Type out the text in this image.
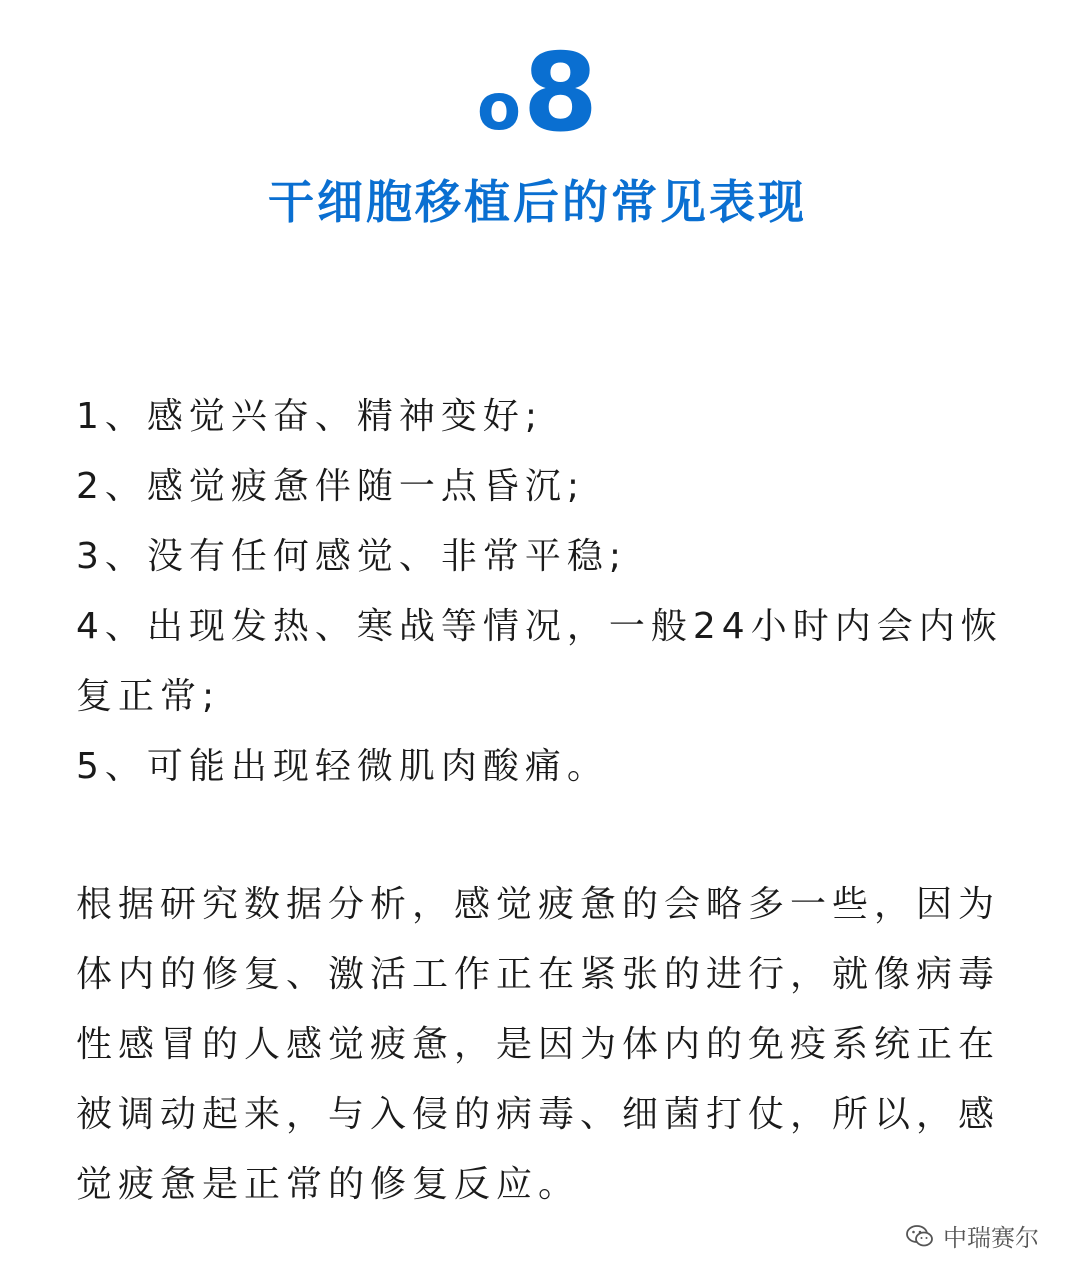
o 8
干细胞移植后的常见表现
1、感觉兴奋、精神变好;
2、感觉疲惫伴随一点昏沉;
3、没有任何感觉、非常平稳;
4、出现发热、寒战等情况，一般24小时内会内恢复正常;
5、可能出现轻微肌肉酸痛。

根据研究数据分析，感觉疲惫的会略多一些，因为体内的修复、激活工作正在紧张的进行，就像病毒性感冒的人感觉疲惫，是因为体内的免疫系统正在被调动起来，与入侵的病毒、细菌打仗，所以，感觉疲惫是正常的修复反应。

中瑞赛尔
